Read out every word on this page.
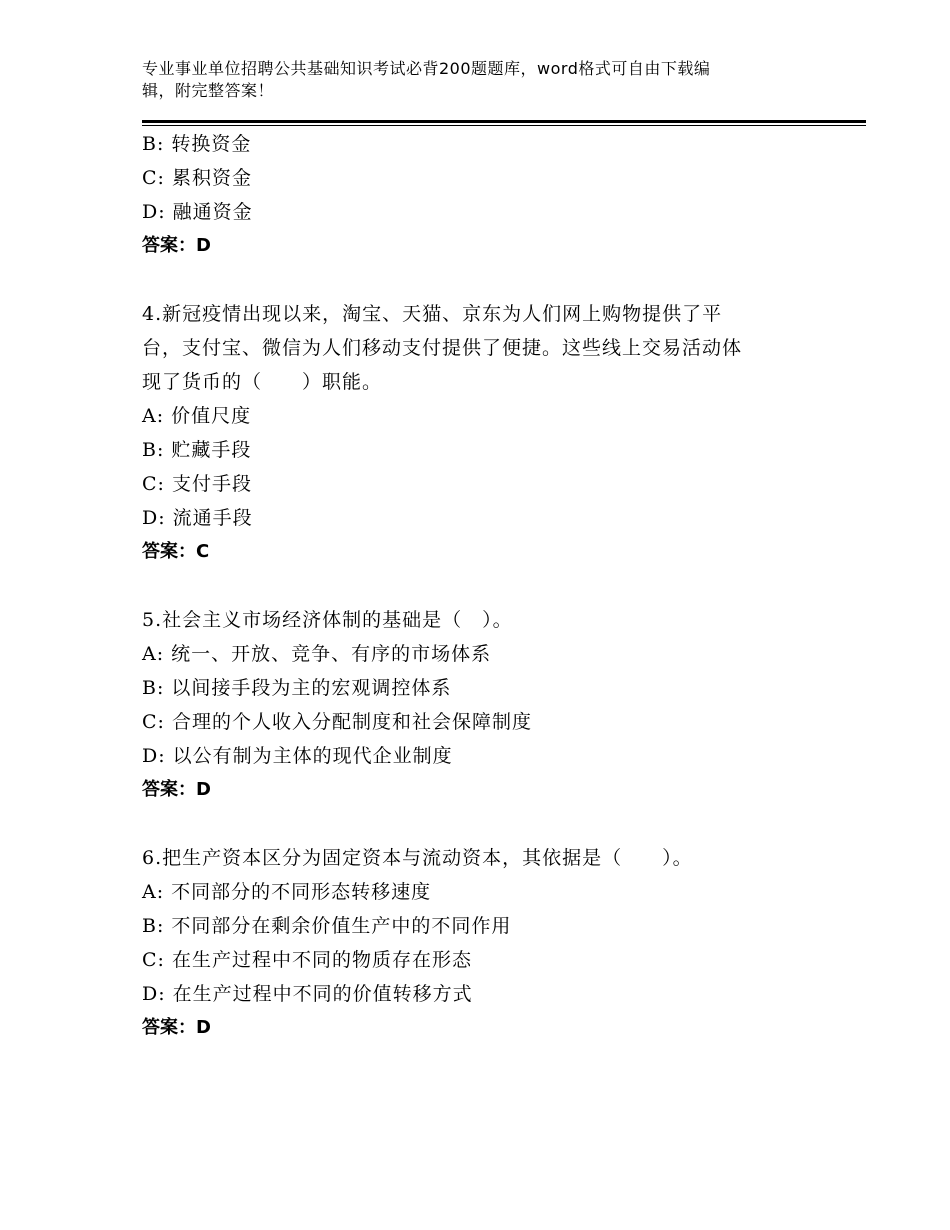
专业事业单位招聘公共基础知识考试必背200题题库，word格式可自由下载编
辑，附完整答案！
B: 转换资金
C: 累积资金
D: 融通资金
答案：D
4.新冠疫情出现以来，淘宝、天猫、京东为人们网上购物提供了平
台，支付宝、微信为人们移动支付提供了便捷。这些线上交易活动体
现了货币的（　　）职能。
A: 价值尺度
B: 贮藏手段
C: 支付手段
D: 流通手段
答案：C
5.社会主义市场经济体制的基础是（　）。
A: 统一、开放、竞争、有序的市场体系
B: 以间接手段为主的宏观调控体系
C: 合理的个人收入分配制度和社会保障制度
D: 以公有制为主体的现代企业制度
答案：D
6.把生产资本区分为固定资本与流动资本，其依据是（　　）。
A: 不同部分的不同形态转移速度
B: 不同部分在剩余价值生产中的不同作用
C: 在生产过程中不同的物质存在形态
D: 在生产过程中不同的价值转移方式
答案：D
